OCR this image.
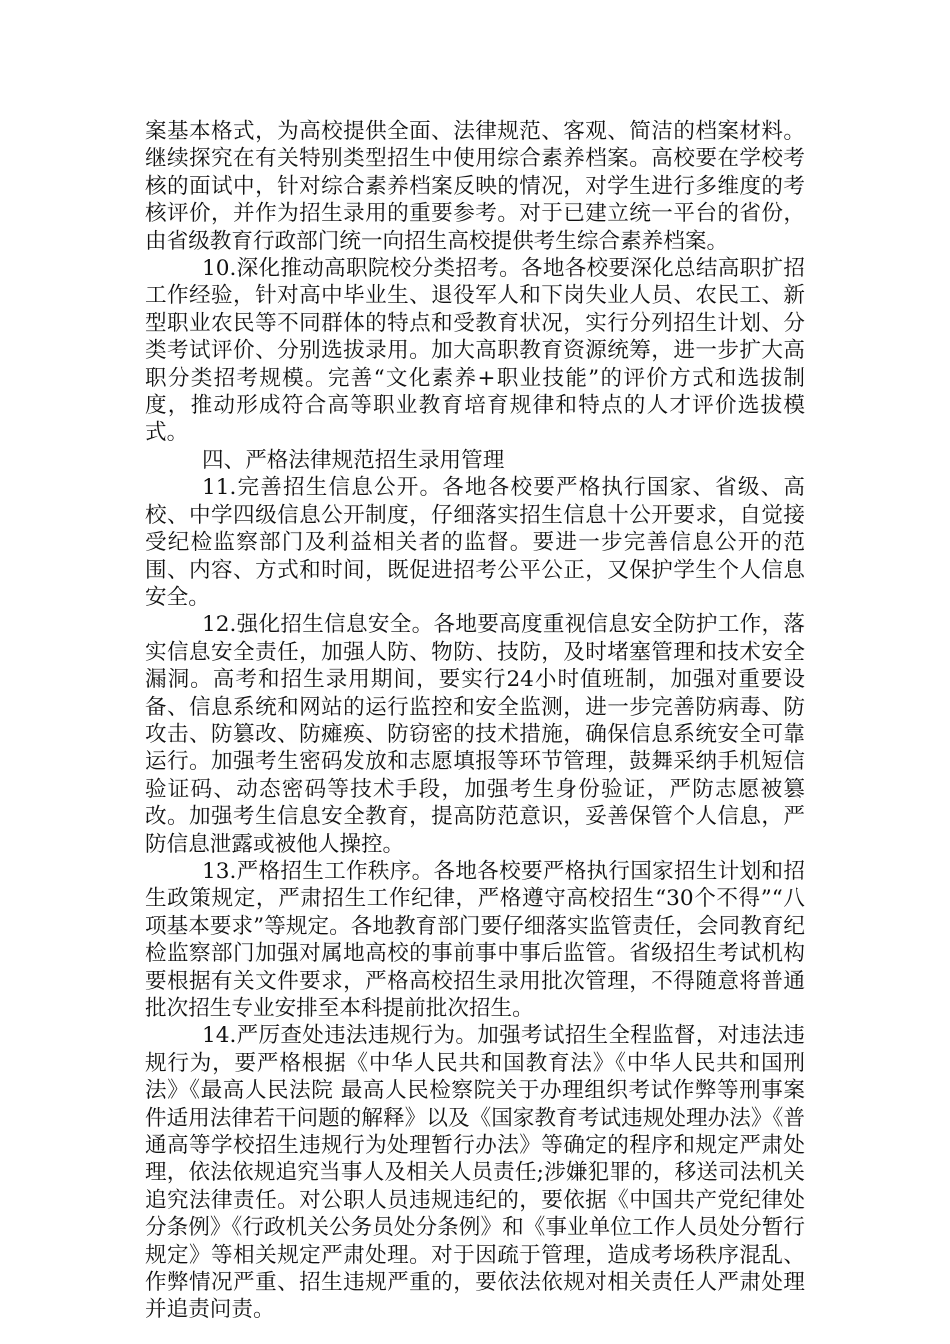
案基本格式，为高校提供全面、法律规范、客观、简洁的档案材料。继续探究在有关特别类型招生中使用综合素养档案。高校要在学校考核的面试中，针对综合素养档案反映的情况，对学生进行多维度的考核评价，并作为招生录用的重要参考。对于已建立统一平台的省份，由省级教育行政部门统一向招生高校提供考生综合素养档案。

10.深化推动高职院校分类招考。各地各校要深化总结高职扩招工作经验，针对高中毕业生、退役军人和下岗失业人员、农民工、新型职业农民等不同群体的特点和受教育状况，实行分列招生计划、分类考试评价、分别选拔录用。加大高职教育资源统筹，进一步扩大高职分类招考规模。完善“文化素养+职业技能”的评价方式和选拔制度，推动形成符合高等职业教育培育规律和特点的人才评价选拔模式。

四、严格法律规范招生录用管理

11.完善招生信息公开。各地各校要严格执行国家、省级、高校、中学四级信息公开制度，仔细落实招生信息十公开要求，自觉接受纪检监察部门及利益相关者的监督。要进一步完善信息公开的范围、内容、方式和时间，既促进招考公平公正，又保护学生个人信息安全。

12.强化招生信息安全。各地要高度重视信息安全防护工作，落实信息安全责任，加强人防、物防、技防，及时堵塞管理和技术安全漏洞。高考和招生录用期间，要实行24小时值班制，加强对重要设备、信息系统和网站的运行监控和安全监测，进一步完善防病毒、防攻击、防篡改、防瘫痪、防窃密的技术措施，确保信息系统安全可靠运行。加强考生密码发放和志愿填报等环节管理，鼓舞采纳手机短信验证码、动态密码等技术手段，加强考生身份验证，严防志愿被篡改。加强考生信息安全教育，提高防范意识，妥善保管个人信息，严防信息泄露或被他人操控。

13.严格招生工作秩序。各地各校要严格执行国家招生计划和招生政策规定，严肃招生工作纪律，严格遵守高校招生“30个不得”“八项基本要求”等规定。各地教育部门要仔细落实监管责任，会同教育纪检监察部门加强对属地高校的事前事中事后监管。省级招生考试机构要根据有关文件要求，严格高校招生录用批次管理，不得随意将普通批次招生专业安排至本科提前批次招生。

14.严厉查处违法违规行为。加强考试招生全程监督，对违法违规行为，要严格根据《中华人民共和国教育法》《中华人民共和国刑法》《最高人民法院 最高人民检察院关于办理组织考试作弊等刑事案件适用法律若干问题的解释》以及《国家教育考试违规处理办法》《普通高等学校招生违规行为处理暂行办法》等确定的程序和规定严肃处理，依法依规追究当事人及相关人员责任;涉嫌犯罪的，移送司法机关追究法律责任。对公职人员违规违纪的，要依据《中国共产党纪律处分条例》《行政机关公务员处分条例》和《事业单位工作人员处分暂行规定》等相关规定严肃处理。对于因疏于管理，造成考场秩序混乱、作弊情况严重、招生违规严重的，要依法依规对相关责任人严肃处理并追责问责。
